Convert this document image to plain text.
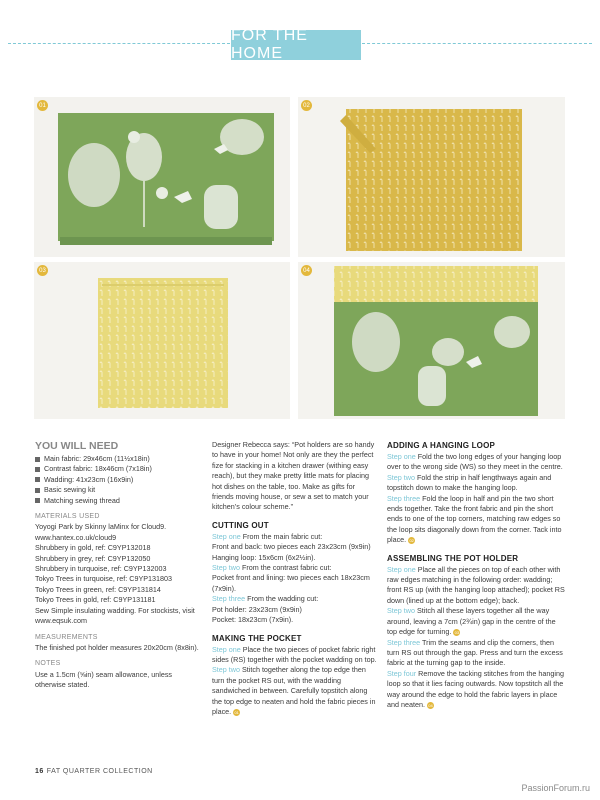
FOR THE HOME
01	02
03	04
YOU WILL NEED
Main fabric: 29x46cm (11½x18in)
Contrast fabric: 18x46cm (7x18in)
Wadding: 41x23cm (16x9in)
Basic sewing kit
Matching sewing thread
MATERIALS USED

Yoyogi Park by Skinny laMinx for Cloud9. www.hantex.co.uk/cloud9

Shrubbery in gold, ref: C9YP132018

Shrubbery in grey, ref: C9YP132050

Shrubbery in turquoise, ref: C9YP132003

Tokyo Trees in turquoise, ref: C9YP131803

Tokyo Trees in green, ref: C9YP131814

Tokyo Trees in gold, ref: C9YP131181

Sew Simple insulating wadding. For stockists, visit www.eqsuk.com

MEASUREMENTS

The finished pot holder measures 20x20cm (8x8in).

NOTES

Use a 1.5cm (⅝in) seam allowance, unless otherwise stated.

Designer Rebecca says: “Pot holders are so handy to have in your home! Not only are they the perfect fize for stacking in a kitchen drawer (withing easy reach), but they make pretty little mats for placing hot dishes on the table, too. Make as gifts for friends moving house, or sew a set to match your kitchen’s colour scheme.”

CUTTING OUT

Step one From the main fabric cut:

Front and back: two pieces each 23x23cm (9x9in)

Hanging loop: 15x6cm (6x2½in).

Step two From the contrast fabric cut:

Pocket front and lining: two pieces each 18x23cm (7x9in).

Step three From the wadding cut:

Pot holder: 23x23cm (9x9in)

Pocket: 18x23cm (7x9in).

MAKING THE POCKET

Step one Place the two pieces of pocket fabric right sides (RS) together with the pocket wadding on top.

Step two Stitch together along the top edge then turn the pocket RS out, with the wadding sandwiched in between. Carefully topstitch along the top edge to neaten and hold the fabric pieces in place. 01

ADDING A HANGING LOOP

Step one Fold the two long edges of your hanging loop over to the wrong side (WS) so they meet in the centre.

Step two Fold the strip in half lengthways again and topstitch down to make the hanging loop.

Step three Fold the loop in half and pin the two short ends together. Take the front fabric and pin the short ends to one of the top corners, matching raw edges so the loop sits diagonally down from the corner. Tack into place. 02

ASSEMBLING THE POT HOLDER

Step one Place all the pieces on top of each other with raw edges matching in the following order: wadding; front RS up (with the hanging loop attached); pocket RS down (lined up at the bottom edge); back.

Step two Stitch all these layers together all the way around, leaving a 7cm (2¾in) gap in the centre of the top edge for turning. 03

Step three Trim the seams and clip the corners, then turn RS out through the gap. Press and turn the excess fabric at the turning gap to the inside.

Step four Remove the tacking stitches from the hanging loop so that it lies facing outwards. Now topstitch all the way around the edge to hold the fabric layers in place and neaten. 04

16 FAT QUARTER COLLECTION
PassionForum.ru
